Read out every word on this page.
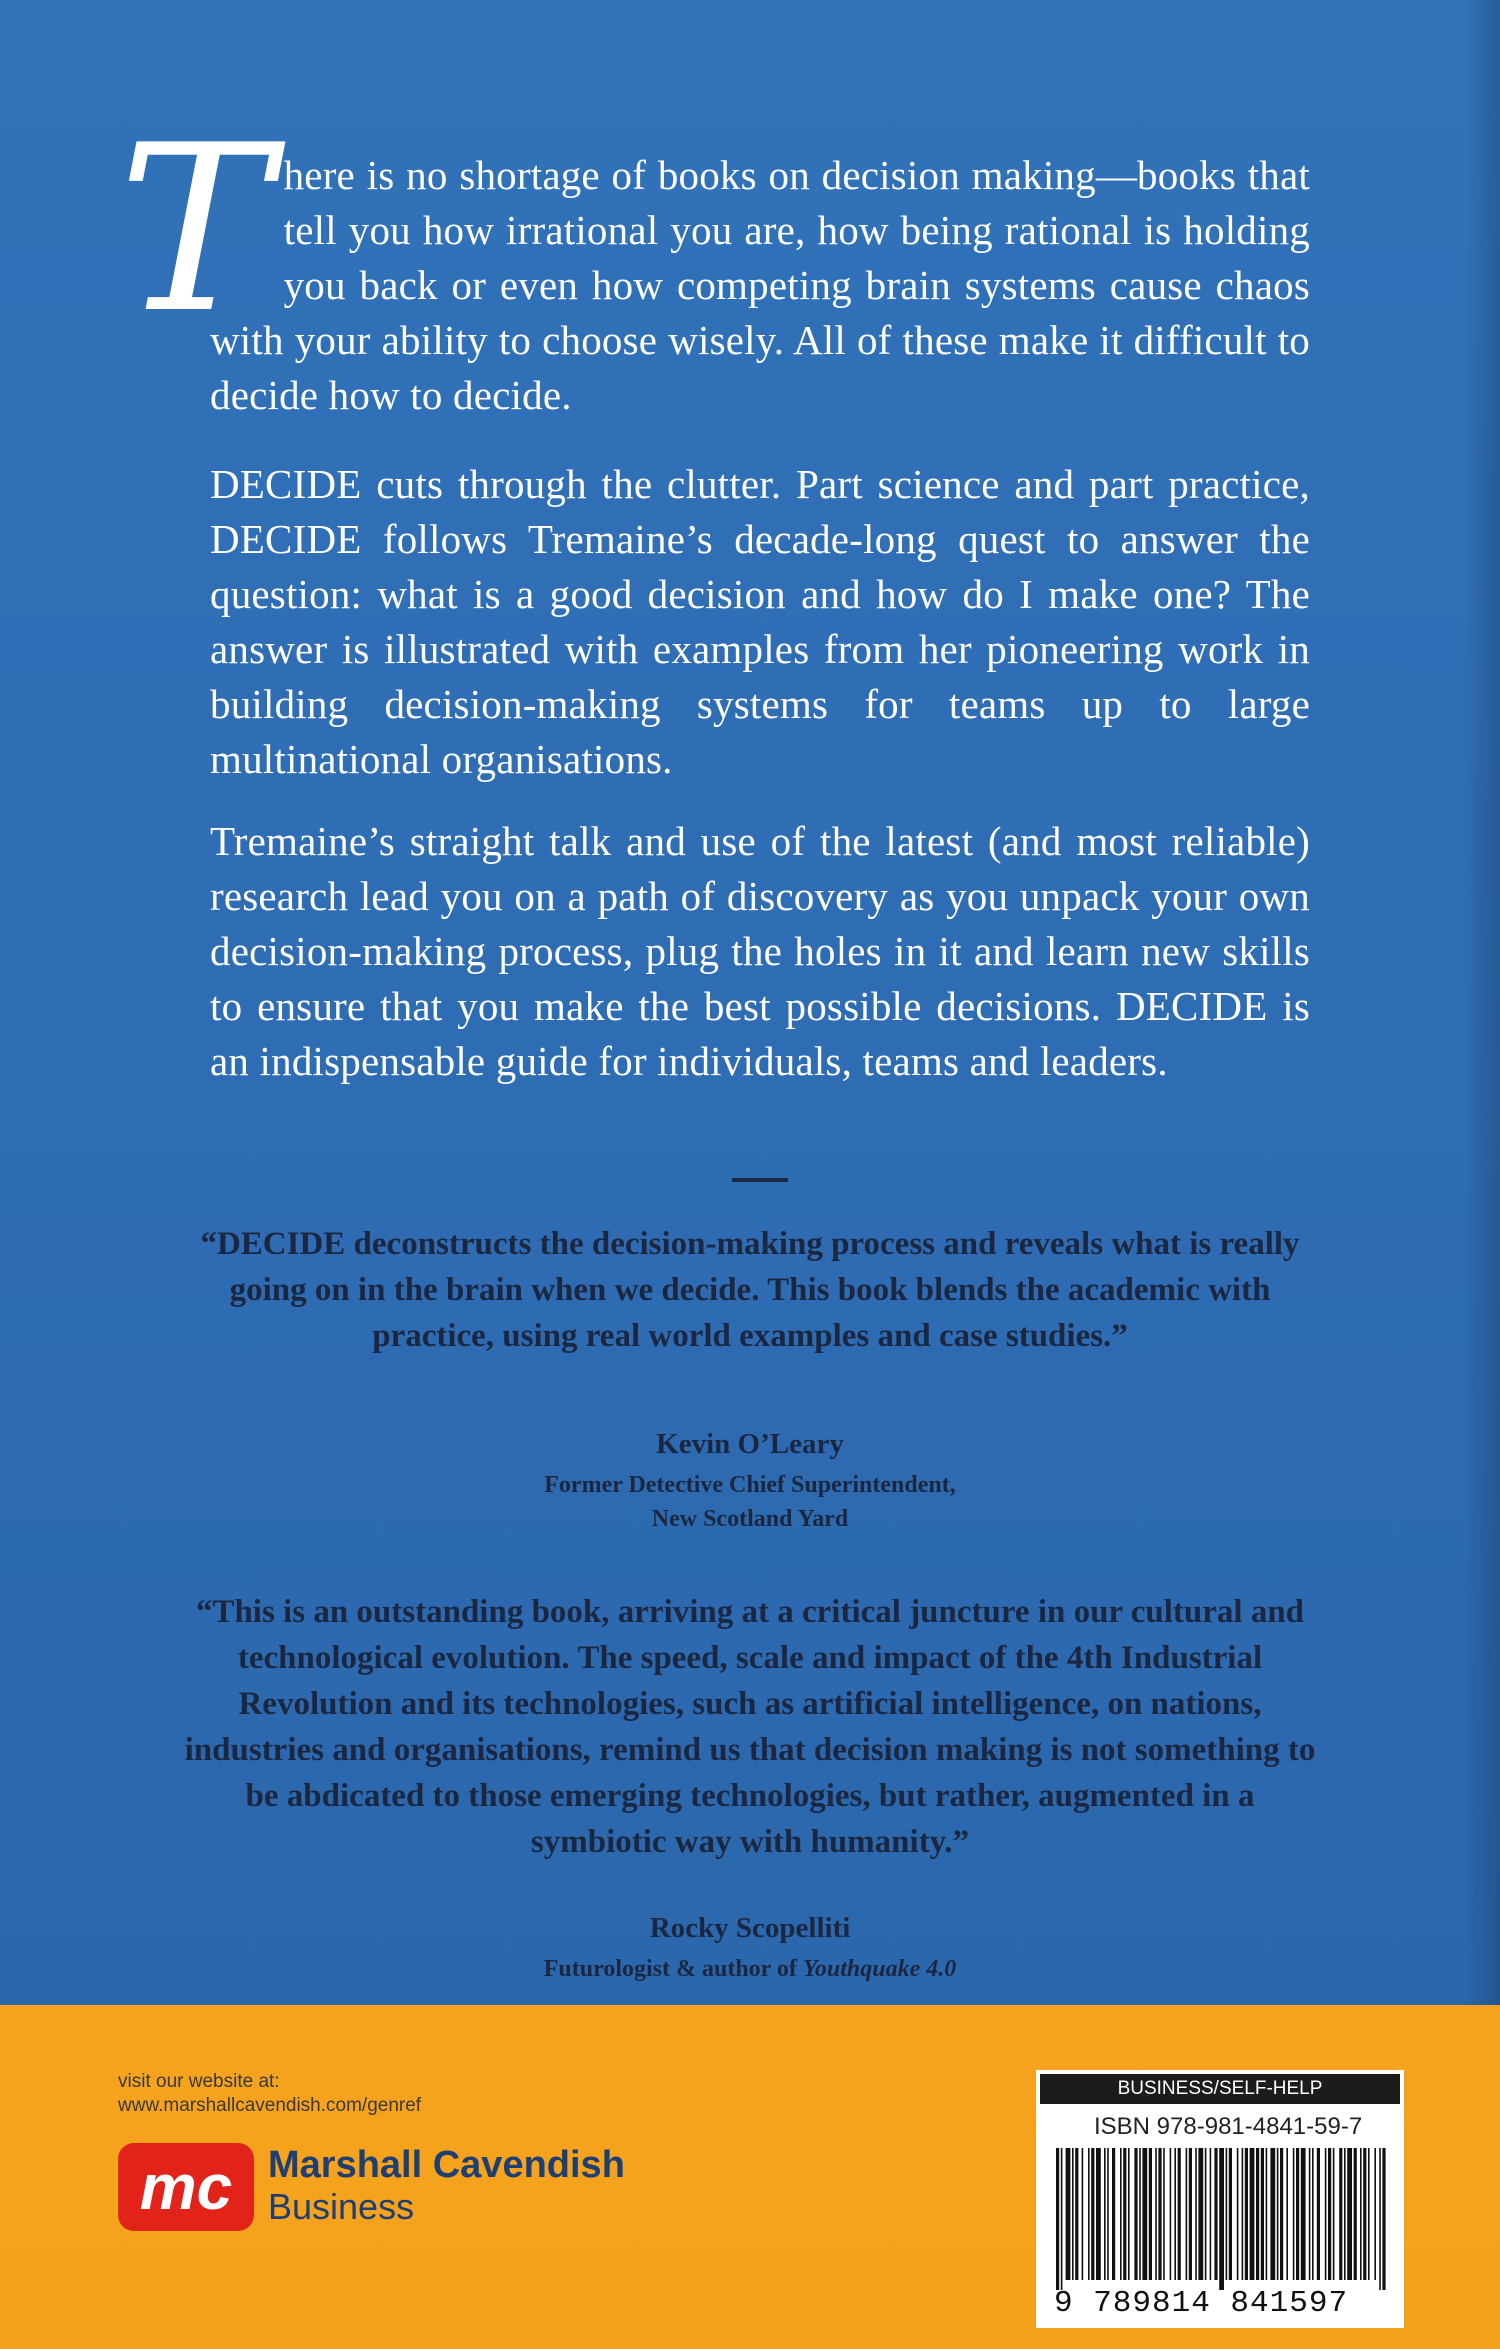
There is no shortage of books on decision making—books that tell you how irrational you are, how being rational is holding you back or even how competing brain systems cause chaos with your ability to choose wisely. All of these make it difficult to decide how to decide.

DECIDE cuts through the clutter. Part science and part practice, DECIDE follows Tremaine’s decade-long quest to answer the question: what is a good decision and how do I make one? The answer is illustrated with examples from her pioneering work in building decision-making systems for teams up to large multinational organisations.

Tremaine’s straight talk and use of the latest (and most reliable) research lead you on a path of discovery as you unpack your own decision-making process, plug the holes in it and learn new skills to ensure that you make the best possible decisions. DECIDE is an indispensable guide for individuals, teams and leaders.

“DECIDE deconstructs the decision-making process and reveals what is really going on in the brain when we decide. This book blends the academic with practice, using real world examples and case studies.”

Kevin O’Leary

Former Detective Chief Superintendent,

New Scotland Yard

“This is an outstanding book, arriving at a critical juncture in our cultural and technological evolution. The speed, scale and impact of the 4th Industrial Revolution and its technologies, such as artificial intelligence, on nations, industries and organisations, remind us that decision making is not something to be abdicated to those emerging technologies, but rather, augmented in a symbiotic way with humanity.”

Rocky Scopelliti

Futurologist & author of Youthquake 4.0

visit our website at:
www.marshallcavendish.com/genref
mc Marshall Cavendish
Business
BUSINESS/SELF-HELP
ISBN 978-981-4841-59-7
9 789814 841597
